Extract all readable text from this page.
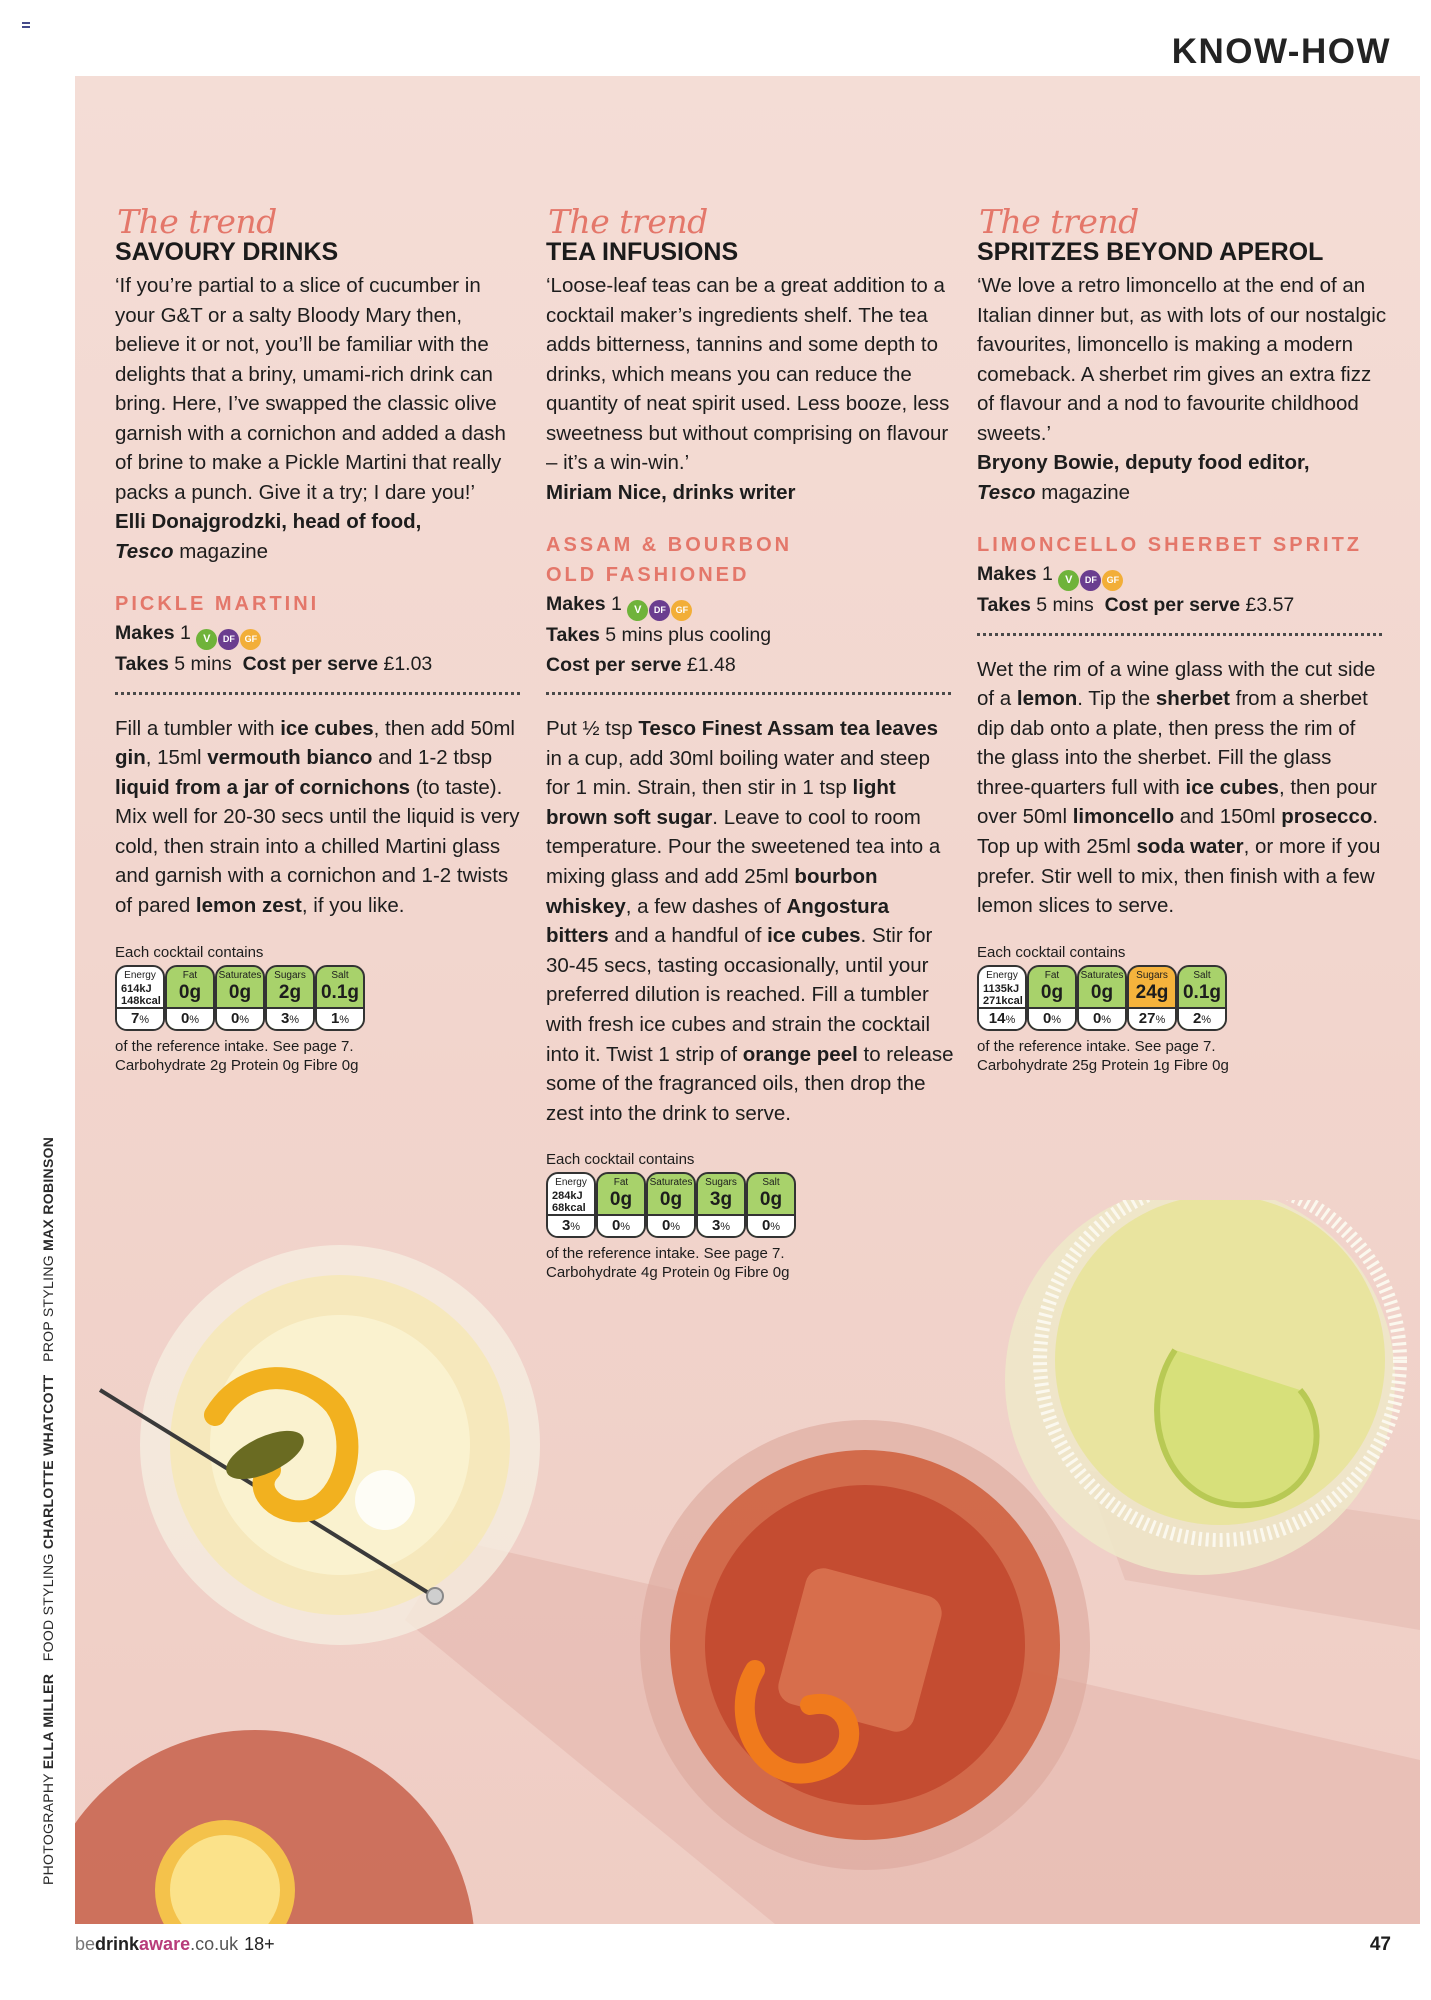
KNOW-HOW
PHOTOGRAPHY ELLA MILLER   FOOD STYLING CHARLOTTE WHATCOTT   PROP STYLING MAX ROBINSON
The trend
SAVOURY DRINKS
‘If you’re partial to a slice of cucumber in your G&T or a salty Bloody Mary then, believe it or not, you’ll be familiar with the delights that a briny, umami-rich drink can bring. Here, I’ve swapped the classic olive garnish with a cornichon and added a dash of brine to make a Pickle Martini that really packs a punch. Give it a try; I dare you!’
Elli Donajgrodzki, head of food,
Tesco magazine
PICKLE MARTINI
Makes 1 V DF GF
Takes 5 mins Cost per serve £1.03
Fill a tumbler with ice cubes, then add 50ml gin, 15ml vermouth bianco and 1-2 tbsp liquid from a jar of cornichons (to taste). Mix well for 20-30 secs until the liquid is very cold, then strain into a chilled Martini glass and garnish with a cornichon and 1-2 twists of pared lemon zest, if you like.
Each cocktail contains
Energy
614kJ
148kcal
7%
Fat
0g
0%
Saturates
0g
0%
Sugars
2g
3%
Salt
0.1g
1%
of the reference intake. See page 7.
Carbohydrate 2g Protein 0g Fibre 0g
The trend
TEA INFUSIONS
‘Loose-leaf teas can be a great addition to a cocktail maker’s ingredients shelf. The tea adds bitterness, tannins and some depth to drinks, which means you can reduce the quantity of neat spirit used. Less booze, less sweetness but without comprising on flavour – it’s a win-win.’
Miriam Nice, drinks writer
ASSAM & BOURBON
OLD FASHIONED
Makes 1 V DF GF
Takes 5 mins plus cooling
Cost per serve £1.48
Put ½ tsp Tesco Finest Assam tea leaves in a cup, add 30ml boiling water and steep for 1 min. Strain, then stir in 1 tsp light brown soft sugar. Leave to cool to room temperature. Pour the sweetened tea into a mixing glass and add 25ml bourbon whiskey, a few dashes of Angostura bitters and a handful of ice cubes. Stir for 30-45 secs, tasting occasionally, until your preferred dilution is reached. Fill a tumbler with fresh ice cubes and strain the cocktail into it. Twist 1 strip of orange peel to release some of the fragranced oils, then drop the zest into the drink to serve.
Each cocktail contains
Energy
284kJ
68kcal
3%
Fat
0g
0%
Saturates
0g
0%
Sugars
3g
3%
Salt
0g
0%
of the reference intake. See page 7.
Carbohydrate 4g Protein 0g Fibre 0g
The trend
SPRITZES BEYOND APEROL
‘We love a retro limoncello at the end of an Italian dinner but, as with lots of our nostalgic favourites, limoncello is making a modern comeback. A sherbet rim gives an extra fizz of flavour and a nod to favourite childhood sweets.’
Bryony Bowie, deputy food editor,
Tesco magazine
LIMONCELLO SHERBET SPRITZ
Makes 1 V DF GF
Takes 5 mins Cost per serve £3.57
Wet the rim of a wine glass with the cut side of a lemon. Tip the sherbet from a sherbet dip dab onto a plate, then press the rim of the glass into the sherbet. Fill the glass three-quarters full with ice cubes, then pour over 50ml limoncello and 150ml prosecco. Top up with 25ml soda water, or more if you prefer. Stir well to mix, then finish with a few lemon slices to serve.
Each cocktail contains
Energy
1135kJ
271kcal
14%
Fat
0g
0%
Saturates
0g
0%
Sugars
24g
27%
Salt
0.1g
2%
of the reference intake. See page 7.
Carbohydrate 25g Protein 1g Fibre 0g
bedrinkaware.co.uk 18+	47
